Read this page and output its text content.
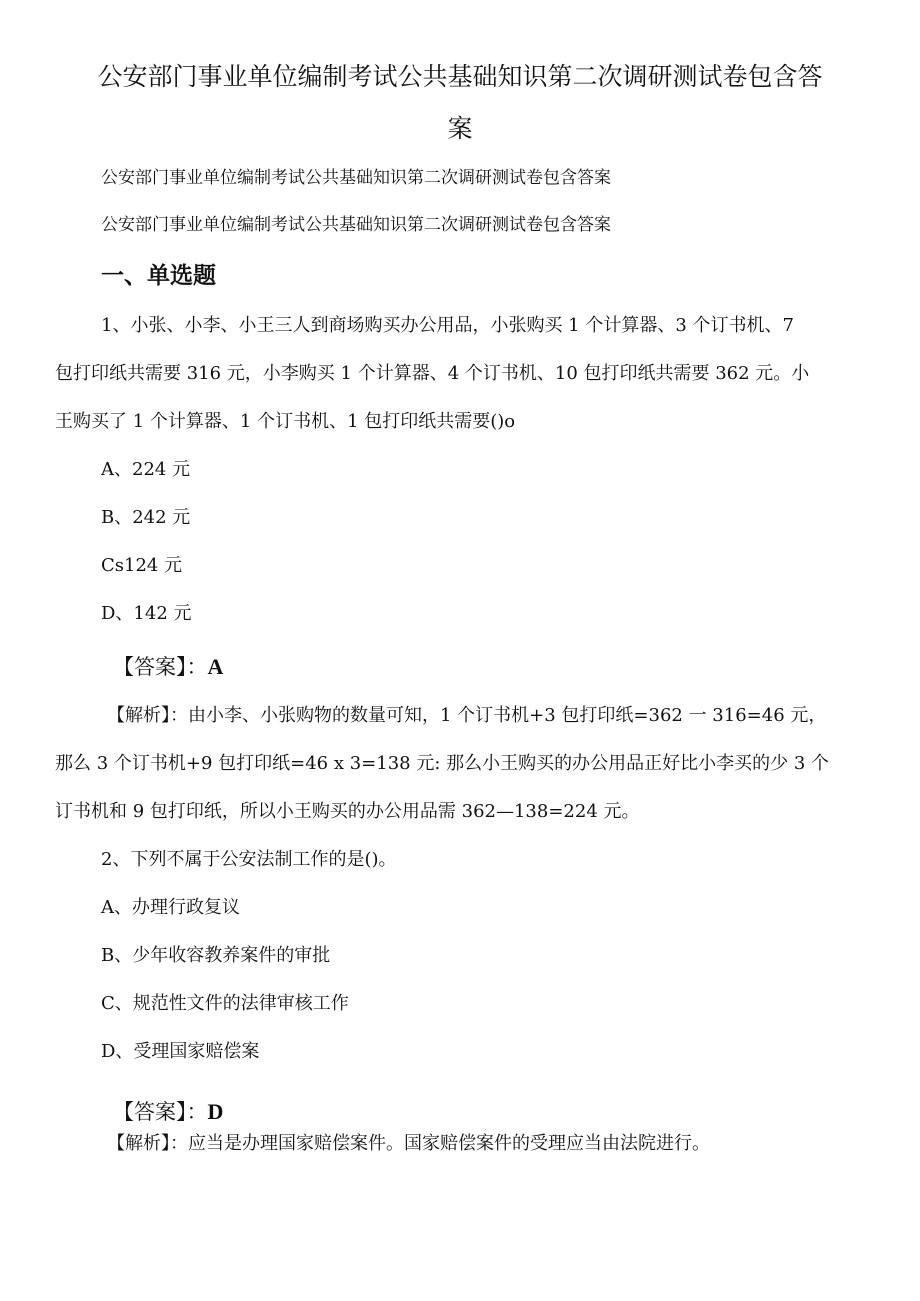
公安部门事业单位编制考试公共基础知识第二次调研测试卷包含答
案
公安部门事业单位编制考试公共基础知识第二次调研测试卷包含答案
公安部门事业单位编制考试公共基础知识第二次调研测试卷包含答案
一、单选题
1、小张、小李、小王三人到商场购买办公用品，小张购买 1 个计算器、3 个订书机、7
包打印纸共需要 316 元，小李购买 1 个计算器、4 个订书机、10 包打印纸共需要 362 元。小
王购买了 1 个计算器、1 个订书机、1 包打印纸共需要()o
A、224 元
B、242 元
Cs124 元
D、142 元
【答案】：A
【解析】：由小李、小张购物的数量可知，1 个订书机+3 包打印纸=362 一 316=46 元，
那么 3 个订书机+9 包打印纸=46 x 3=138 元: 那么小王购买的办公用品正好比小李买的少 3 个
订书机和 9 包打印纸，所以小王购买的办公用品需 362—138=224 元。
2、下列不属于公安法制工作的是()。
A、办理行政复议
B、少年收容教养案件的审批
C、规范性文件的法律审核工作
D、受理国家赔偿案
【答案】：D
【解析】：应当是办理国家赔偿案件。国家赔偿案件的受理应当由法院进行。
